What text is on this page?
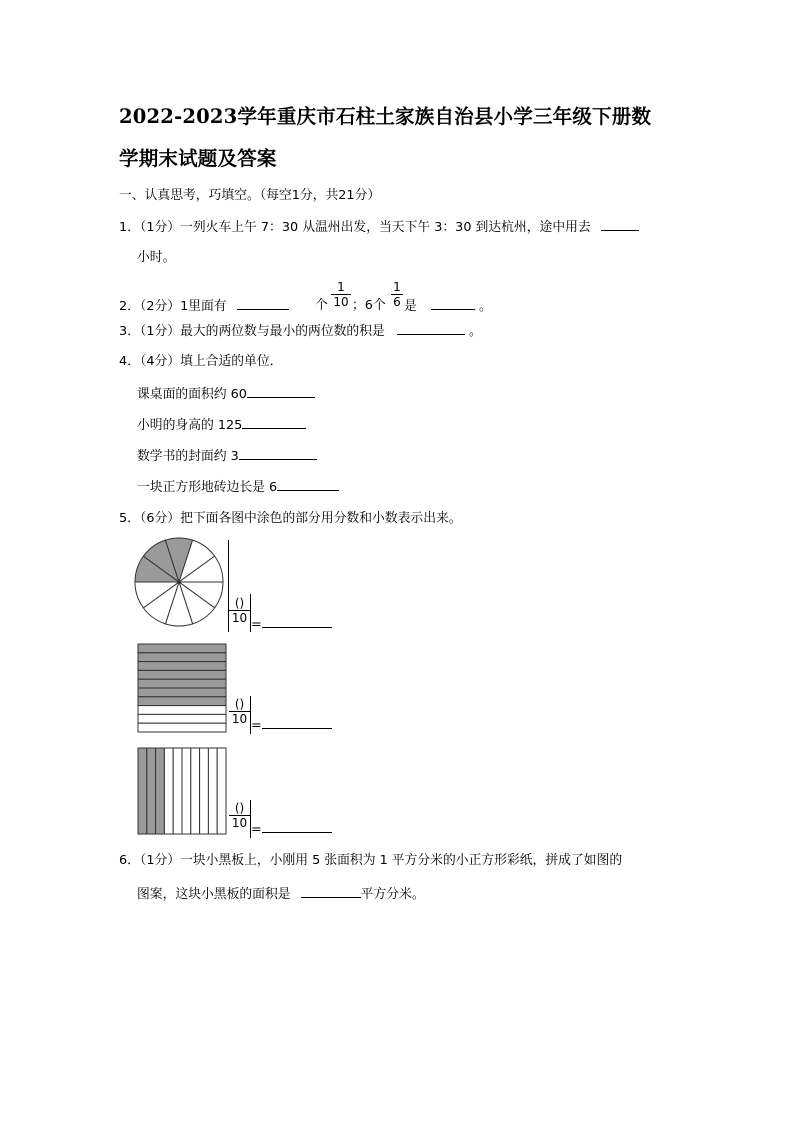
2022-2023学年重庆市石柱土家族自治县小学三年级下册数
学期末试题及答案
一、认真思考，巧填空。（每空1分，共21分）
1．（1分）一列火车上午 7：30 从温州出发，当天下午 3：30 到达杭州，途中用去
小时。
2．（2分）1里面有	个 $\frac{1}{10}$ ；6个 $\frac{1}{6}$ 是	。
3．（1分）最大的两位数与最小的两位数的积是	。
4．（4分）填上合适的单位．
课桌面的面积约 60
小明的身高的 125
数学书的封面约 3
一块正方形地砖边长是 6
5．（6分）把下面各图中涂色的部分用分数和小数表示出来。
()
10 =
()
10 =
()
10 =
6．（1分）一块小黑板上，小刚用 5 张面积为 1 平方分米的小正方形彩纸，拼成了如图的
图案，这块小黑板的面积是	平方分米。
